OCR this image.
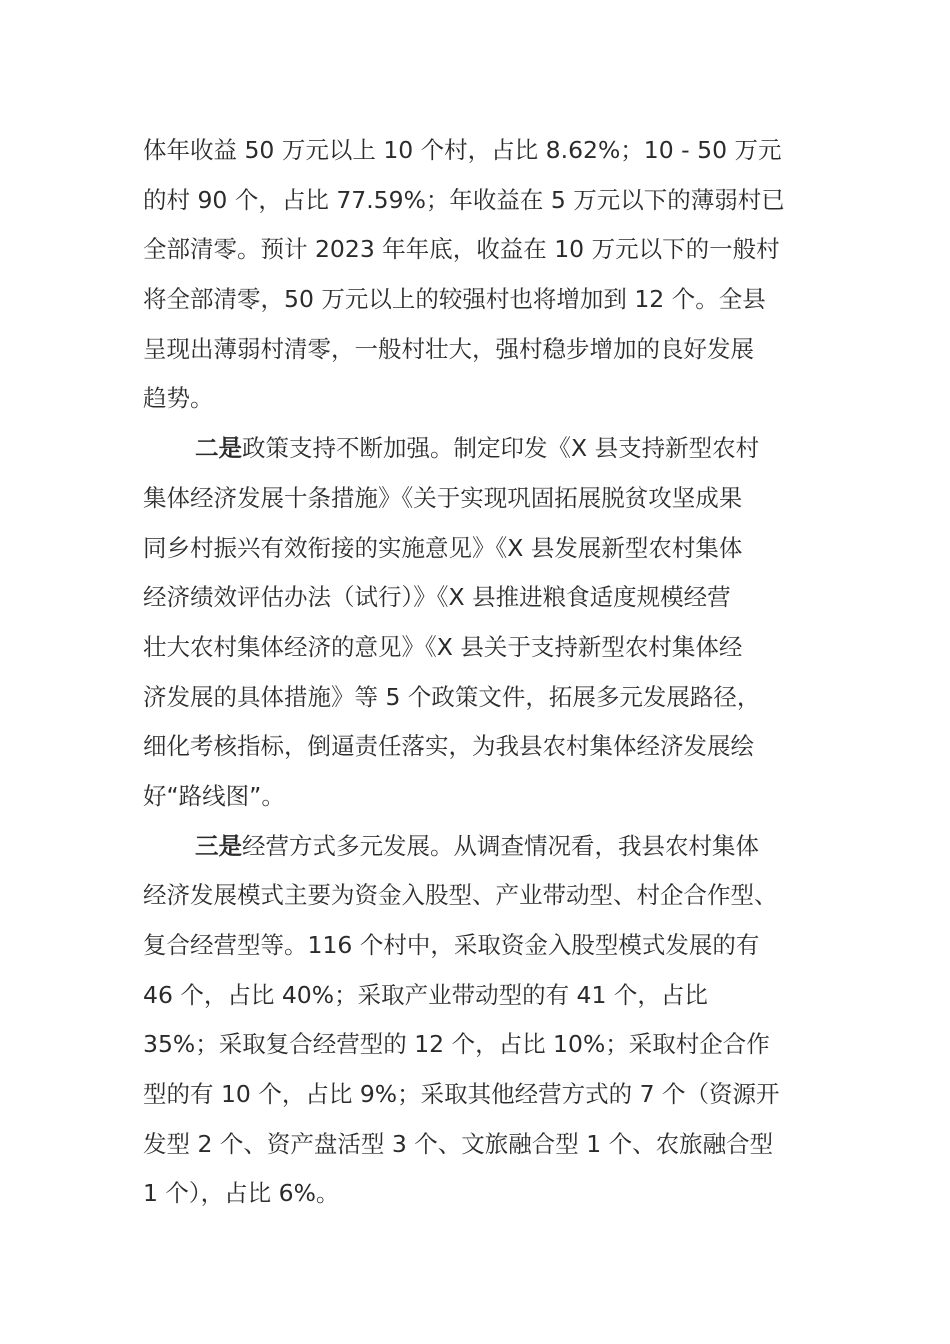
体年收益 50 万元以上 10 个村，占比 8.62%；10 - 50 万元
的村 90 个，占比 77.59%；年收益在 5 万元以下的薄弱村已
全部清零。预计 2023 年年底，收益在 10 万元以下的一般村
将全部清零，50 万元以上的较强村也将增加到 12 个。全县
呈现出薄弱村清零，一般村壮大，强村稳步增加的良好发展
趋势。

二是政策支持不断加强。制定印发《X 县支持新型农村
集体经济发展十条措施》《关于实现巩固拓展脱贫攻坚成果
同乡村振兴有效衔接的实施意见》《X 县发展新型农村集体
经济绩效评估办法（试行）》《X 县推进粮食适度规模经营
壮大农村集体经济的意见》《X 县关于支持新型农村集体经
济发展的具体措施》等 5 个政策文件，拓展多元发展路径，
细化考核指标，倒逼责任落实，为我县农村集体经济发展绘
好“路线图”。

三是经营方式多元发展。从调查情况看，我县农村集体
经济发展模式主要为资金入股型、产业带动型、村企合作型、
复合经营型等。116 个村中，采取资金入股型模式发展的有
46 个，占比 40%；采取产业带动型的有 41 个，占比
35%；采取复合经营型的 12 个，占比 10%；采取村企合作
型的有 10 个，占比 9%；采取其他经营方式的 7 个（资源开
发型 2 个、资产盘活型 3 个、文旅融合型 1 个、农旅融合型
1 个），占比 6%。
